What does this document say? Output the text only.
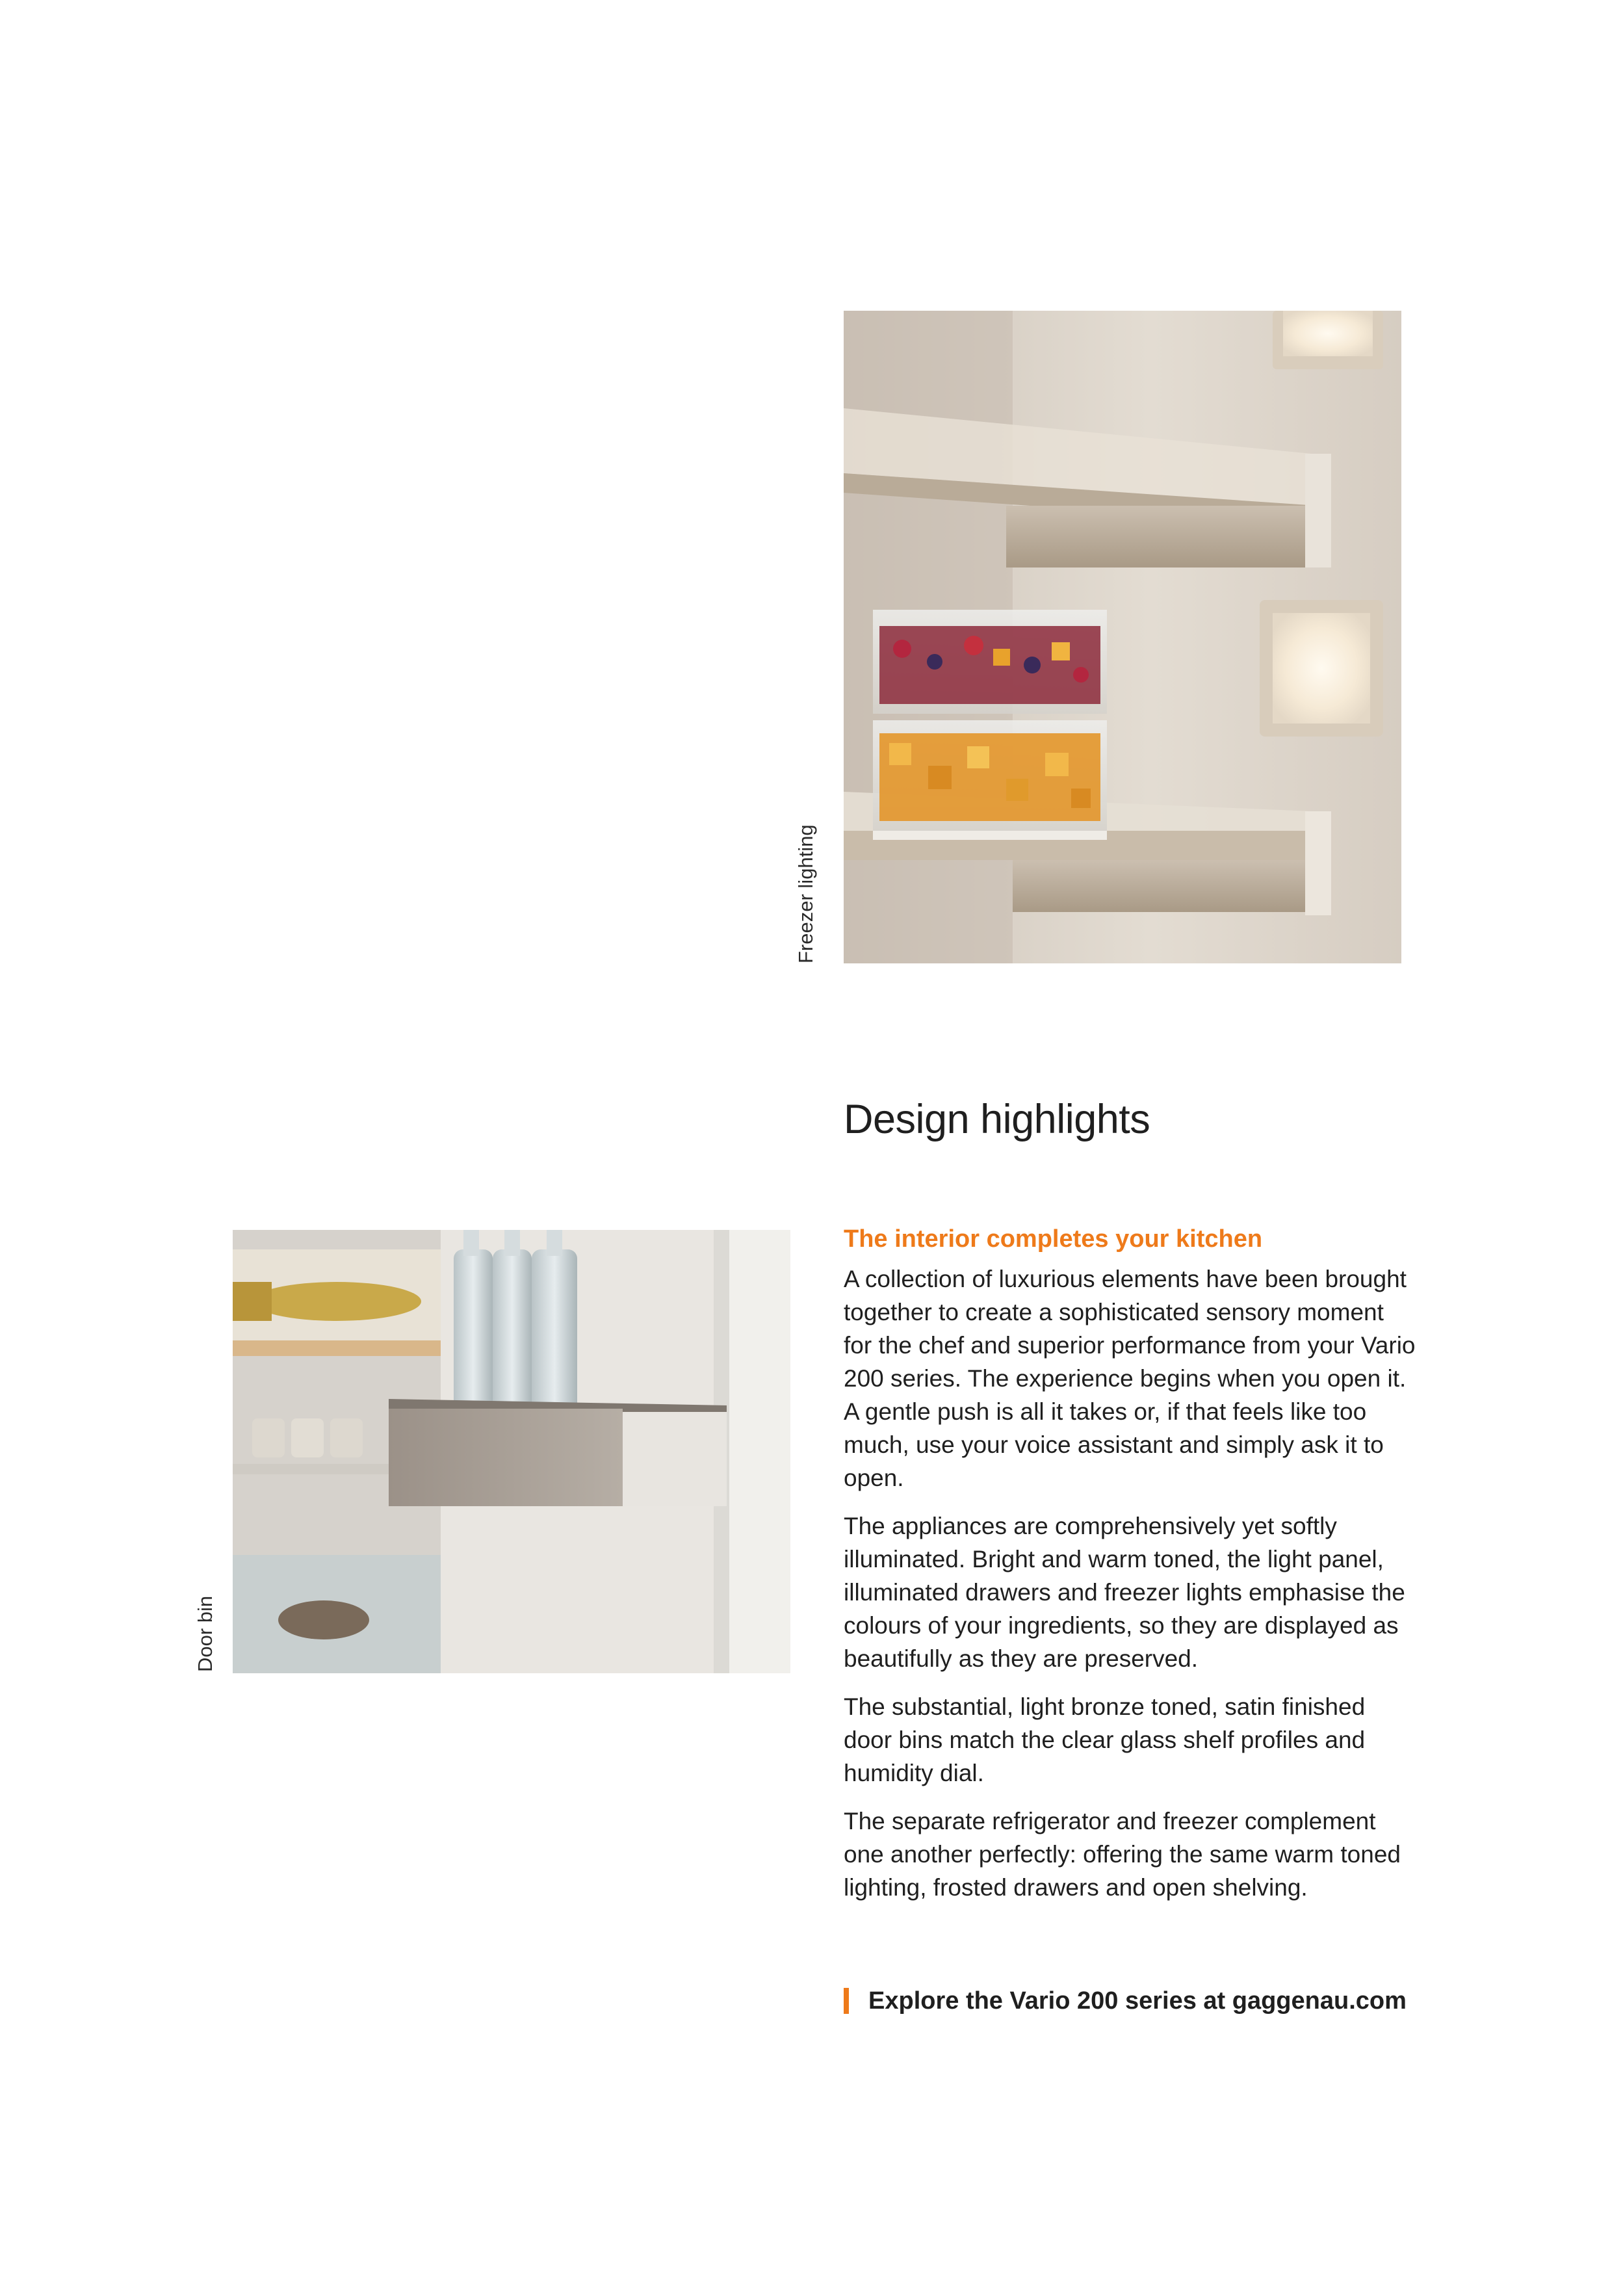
Freezer lighting
Door bin
Design highlights
The interior completes your kitchen

A collection of luxurious elements have been brought together to create a sophisticated sensory moment for the chef and superior performance from your Vario 200 series. The experience begins when you open it. A gentle push is all it takes or, if that feels like too much, use your voice assistant and simply ask it to open.

The appliances are comprehensively yet softly illuminated. Bright and warm toned, the light panel, illuminated drawers and freezer lights emphasise the colours of your ingredients, so they are displayed as beautifully as they are preserved.

The substantial, light bronze toned, satin finished door bins match the clear glass shelf profiles and humidity dial.

The separate refrigerator and freezer complement one another perfectly: offering the same warm toned lighting, frosted drawers and open shelving.

Explore the Vario 200 series at gaggenau.com
